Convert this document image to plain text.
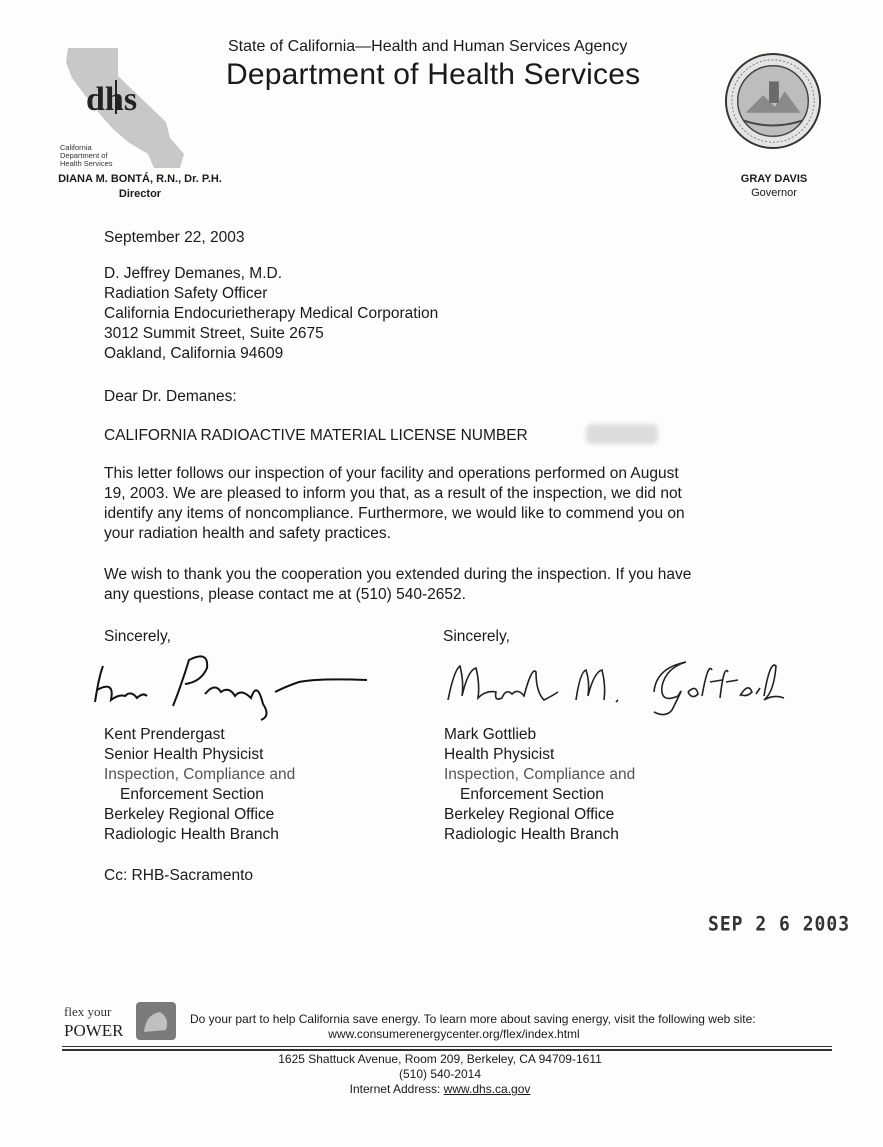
dhs
California
Department of
Health Services
State of California—Health and Human Services Agency
Department of Health Services
DIANA M. BONTÁ, R.N., Dr. P.H.
Director
GRAY DAVIS
Governor
September 22, 2003
D. Jeffrey Demanes, M.D.
Radiation Safety Officer
California Endocurietherapy Medical Corporation
3012 Summit Street, Suite 2675
Oakland, California 94609
Dear Dr. Demanes:
CALIFORNIA RADIOACTIVE MATERIAL LICENSE NUMBER
This letter follows our inspection of your facility and operations performed on August 19, 2003. We are pleased to inform you that, as a result of the inspection, we did not identify any items of noncompliance. Furthermore, we would like to commend you on your radiation health and safety practices.
We wish to thank you the cooperation you extended during the inspection. If you have any questions, please contact me at (510) 540-2652.
Sincerely,	Sincerely,
Kent Prendergast
Senior Health Physicist
Inspection, Compliance and
Enforcement Section
Berkeley Regional Office
Radiologic Health Branch
Mark Gottlieb
Health Physicist
Inspection, Compliance and
Enforcement Section
Berkeley Regional Office
Radiologic Health Branch
Cc: RHB-Sacramento
SEP 2 6 2003
flex your
POWER
Do your part to help California save energy. To learn more about saving energy, visit the following web site:

www.consumerenergycenter.org/flex/index.html
1625 Shattuck Avenue, Room 209, Berkeley, CA 94709-1611
(510) 540-2014
Internet Address: www.dhs.ca.gov
